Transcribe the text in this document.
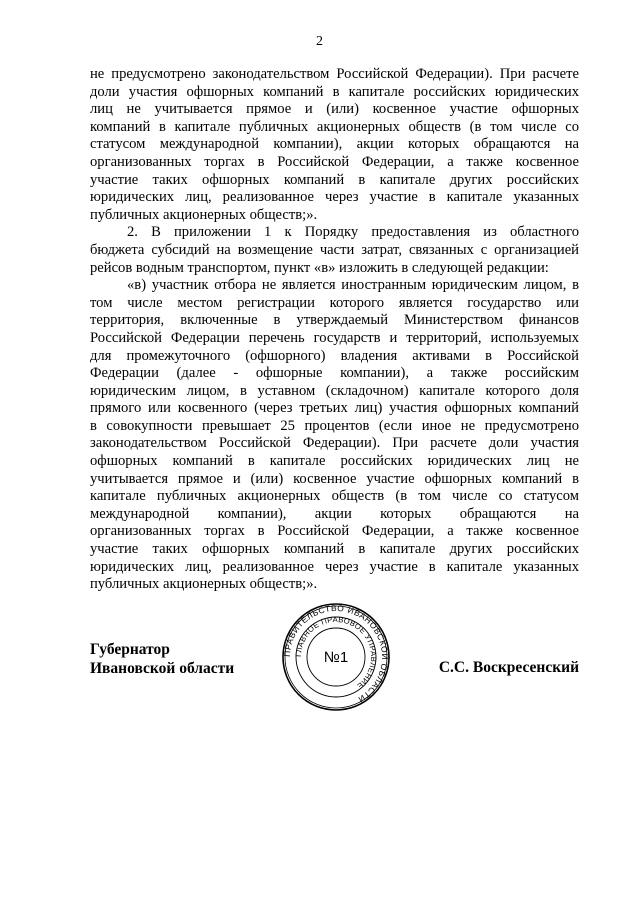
2
не предусмотрено законодательством Российской Федерации). При расчете
доли участия офшорных компаний в капитале российских юридических
лиц не учитывается прямое и (или) косвенное участие офшорных
компаний в капитале публичных акционерных обществ (в том числе со
статусом международной компании), акции которых обращаются на
организованных торгах в Российской Федерации, а также косвенное
участие таких офшорных компаний в капитале других российских
юридических лиц, реализованное через участие в капитале указанных
публичных акционерных обществ;».
2. В приложении 1 к Порядку предоставления из областного
бюджета субсидий на возмещение части затрат, связанных с организацией
рейсов водным транспортом, пункт «в» изложить в следующей редакции:
«в) участник отбора не является иностранным юридическим лицом, в
том числе местом регистрации которого является государство или
территория, включенные в утверждаемый Министерством финансов
Российской Федерации перечень государств и территорий, используемых
для промежуточного (офшорного) владения активами в Российской
Федерации (далее - офшорные компании), а также российским
юридическим лицом, в уставном (складочном) капитале которого доля
прямого или косвенного (через третьих лиц) участия офшорных компаний
в совокупности превышает 25 процентов (если иное не предусмотрено
законодательством Российской Федерации). При расчете доли участия
офшорных компаний в капитале российских юридических лиц не
учитывается прямое и (или) косвенное участие офшорных компаний в
капитале публичных акционерных обществ (в том числе со статусом
международной компании), акции которых обращаются на
организованных торгах в Российской Федерации, а также косвенное
участие таких офшорных компаний в капитале других российских
юридических лиц, реализованное через участие в капитале указанных
публичных акционерных обществ;».
Губернатор
Ивановской области
ПРАВИТЕЛЬСТВО ИВАНОВСКОЙ ОБЛАСТИ
ГЛАВНОЕ ПРАВОВОЕ УПРАВЛЕНИЕ
№1
С.С. Воскресенский
